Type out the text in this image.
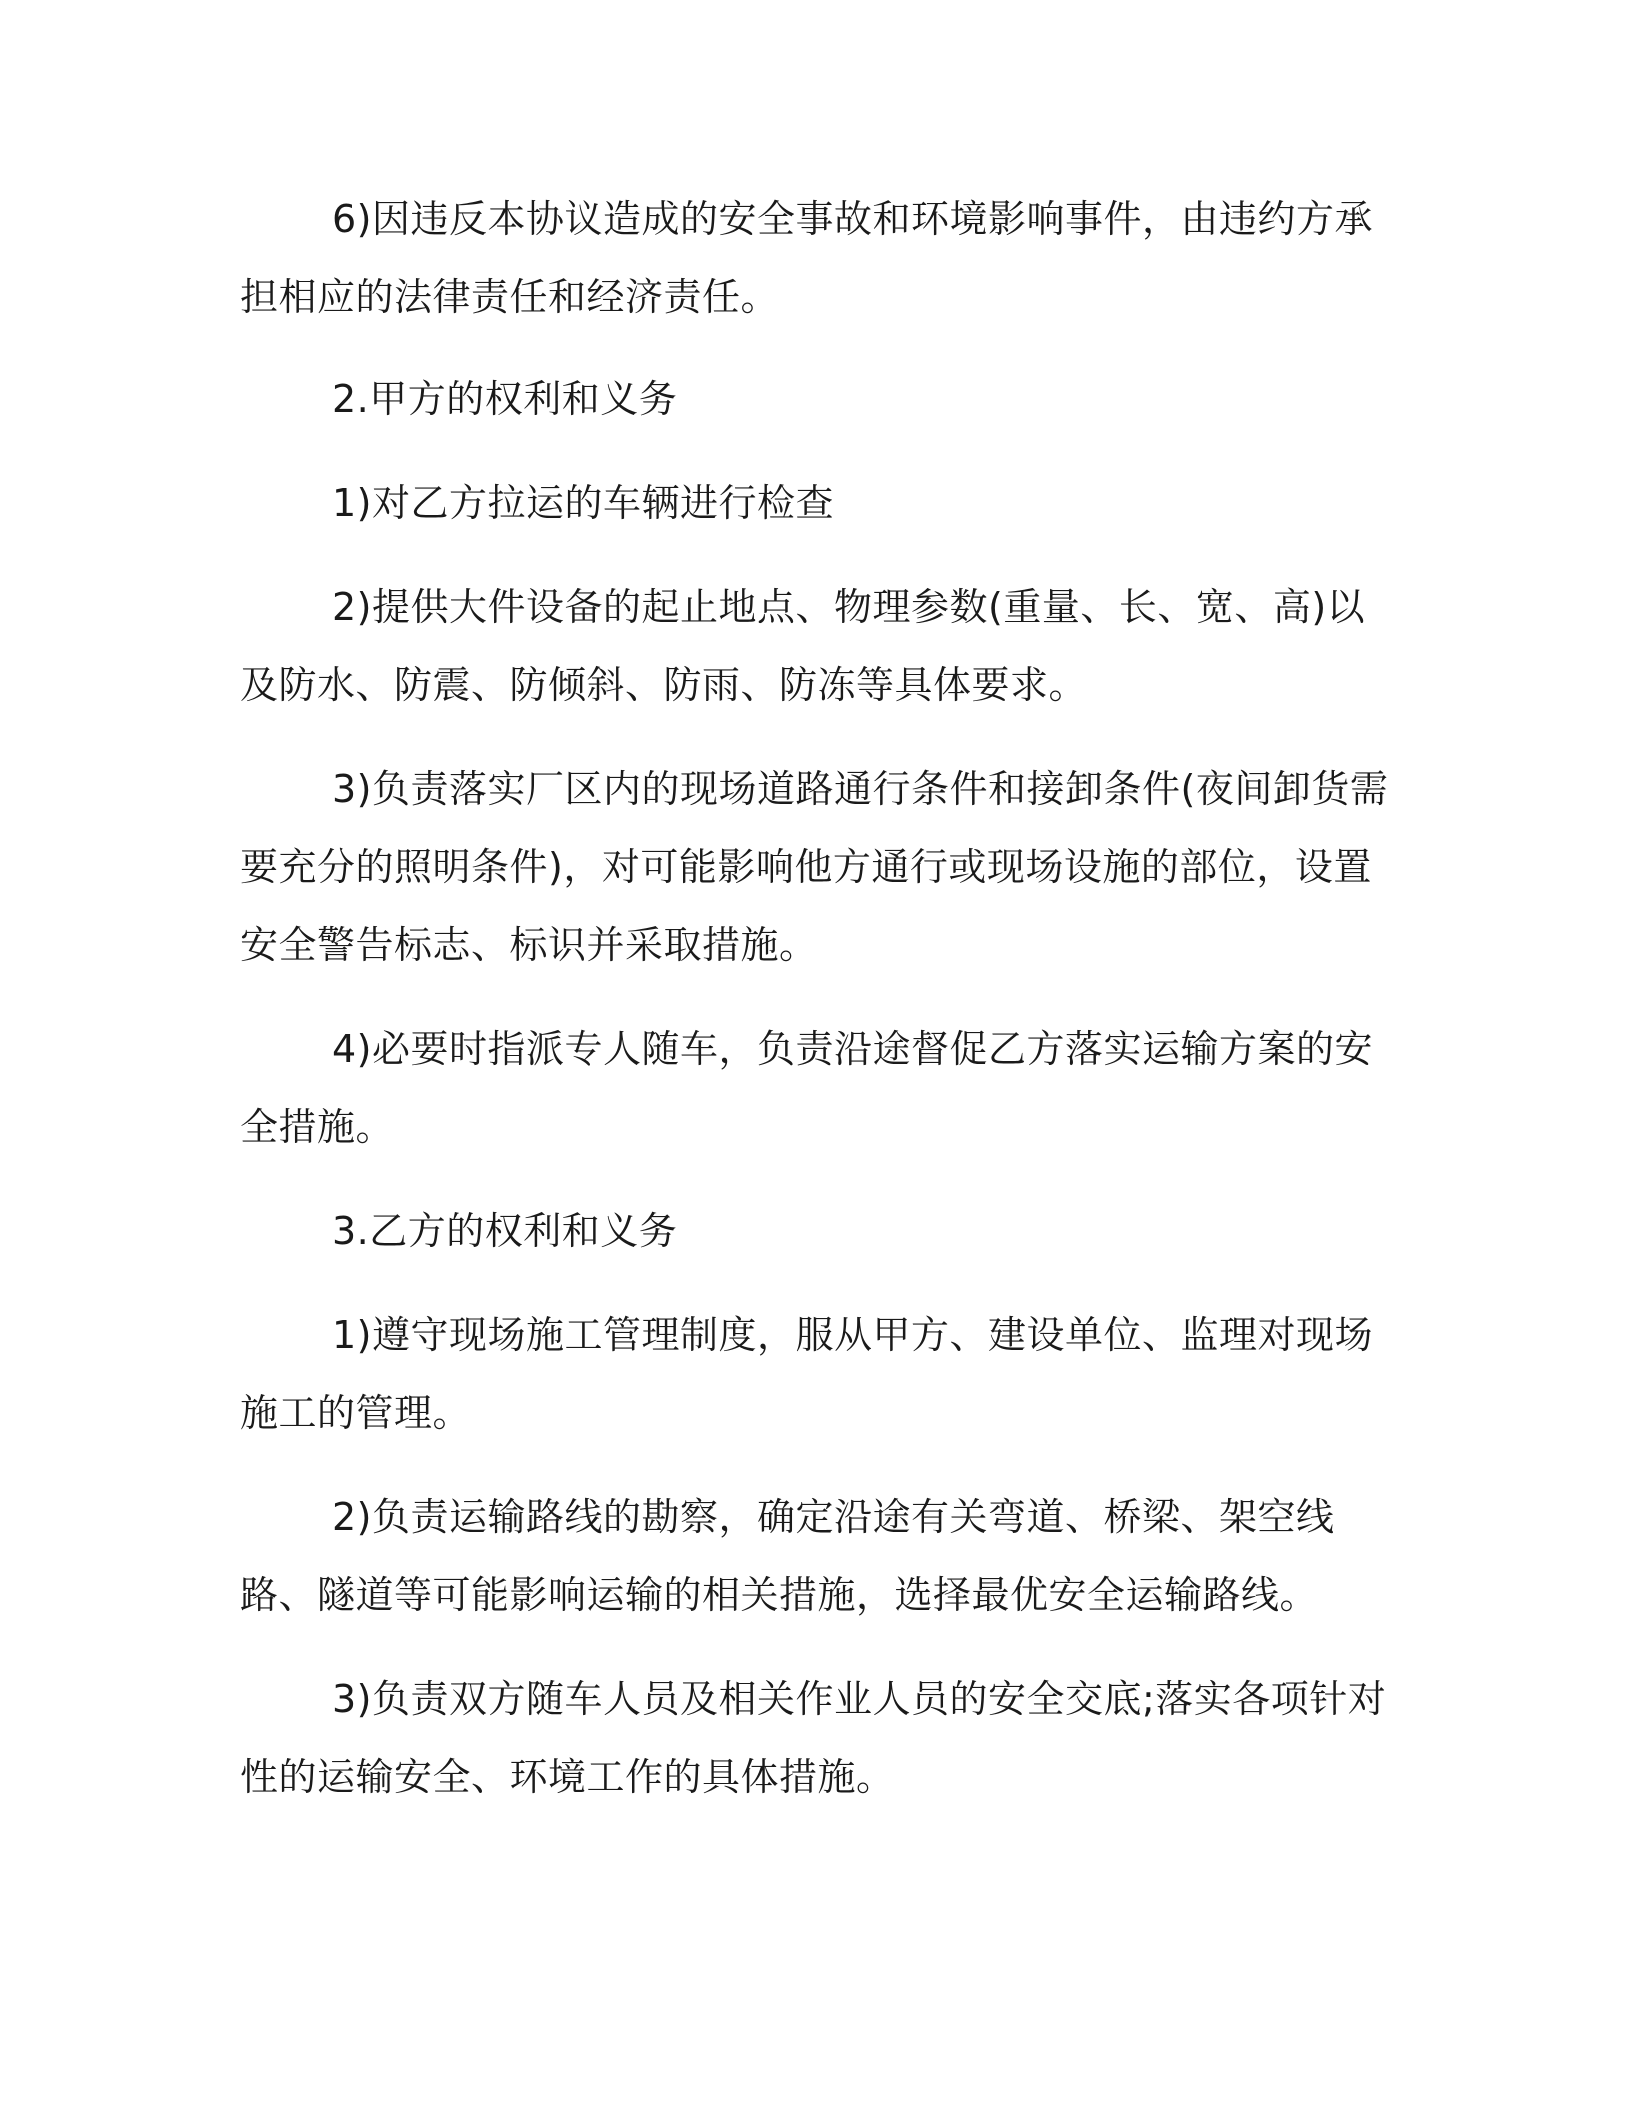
6)因违反本协议造成的安全事故和环境影响事件，由违约方承担相应的法律责任和经济责任。

2.甲方的权利和义务

1)对乙方拉运的车辆进行检查

2)提供大件设备的起止地点、物理参数(重量、长、宽、高)以及防水、防震、防倾斜、防雨、防冻等具体要求。

3)负责落实厂区内的现场道路通行条件和接卸条件(夜间卸货需要充分的照明条件)，对可能影响他方通行或现场设施的部位，设置安全警告标志、标识并采取措施。

4)必要时指派专人随车，负责沿途督促乙方落实运输方案的安全措施。

3.乙方的权利和义务

1)遵守现场施工管理制度，服从甲方、建设单位、监理对现场施工的管理。

2)负责运输路线的勘察，确定沿途有关弯道、桥梁、架空线路、隧道等可能影响运输的相关措施，选择最优安全运输路线。

3)负责双方随车人员及相关作业人员的安全交底;落实各项针对性的运输安全、环境工作的具体措施。
